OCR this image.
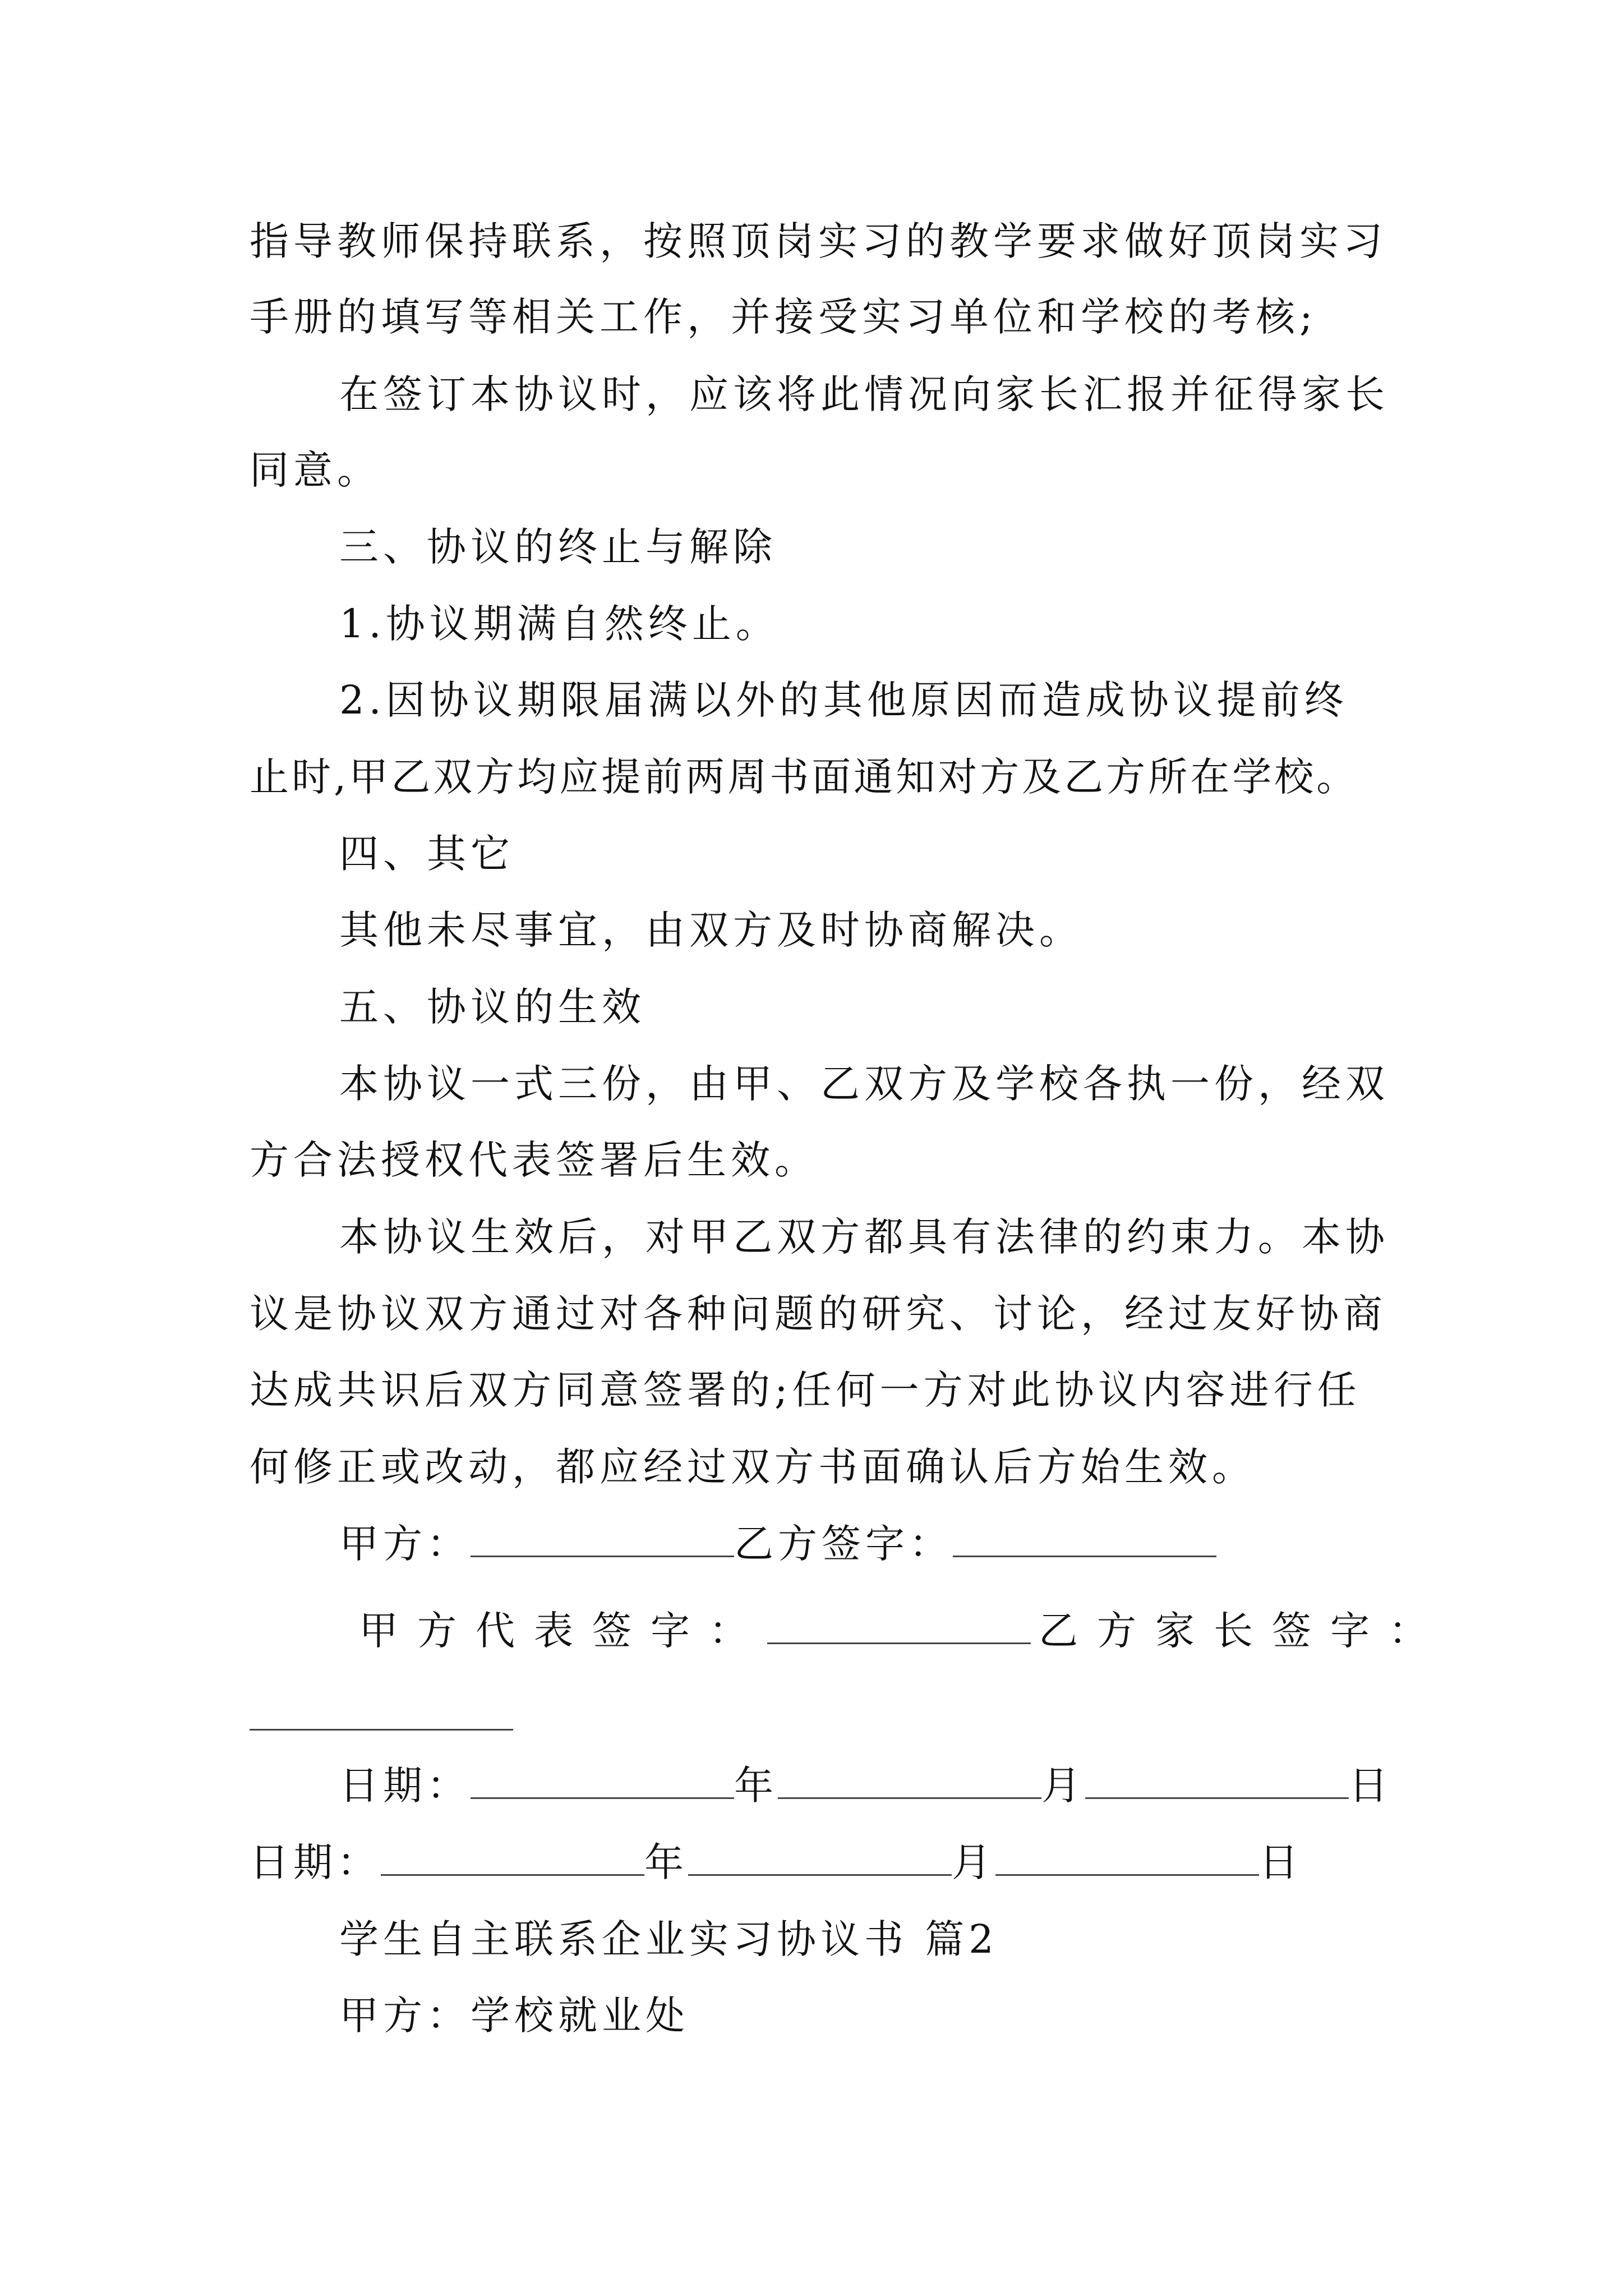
指导教师保持联系，按照顶岗实习的教学要求做好顶岗实习
手册的填写等相关工作，并接受实习单位和学校的考核;
在签订本协议时，应该将此情况向家长汇报并征得家长
同意。
三、协议的终止与解除
1.协议期满自然终止。
2.因协议期限届满以外的其他原因而造成协议提前终
止时,甲乙双方均应提前两周书面通知对方及乙方所在学校。
四、其它
其他未尽事宜，由双方及时协商解决。
五、协议的生效
本协议一式三份，由甲、乙双方及学校各执一份，经双
方合法授权代表签署后生效。
本协议生效后，对甲乙双方都具有法律的约束力。本协
议是协议双方通过对各种问题的研究、讨论，经过友好协商
达成共识后双方同意签署的;任何一方对此协议内容进行任
何修正或改动，都应经过双方书面确认后方始生效。
甲方：	乙方签字：
甲方代表签字：	乙方家长签字：
日期：	年	月	日
日期：	年	月	日
学生自主联系企业实习协议书 篇2
甲方：学校就业处
